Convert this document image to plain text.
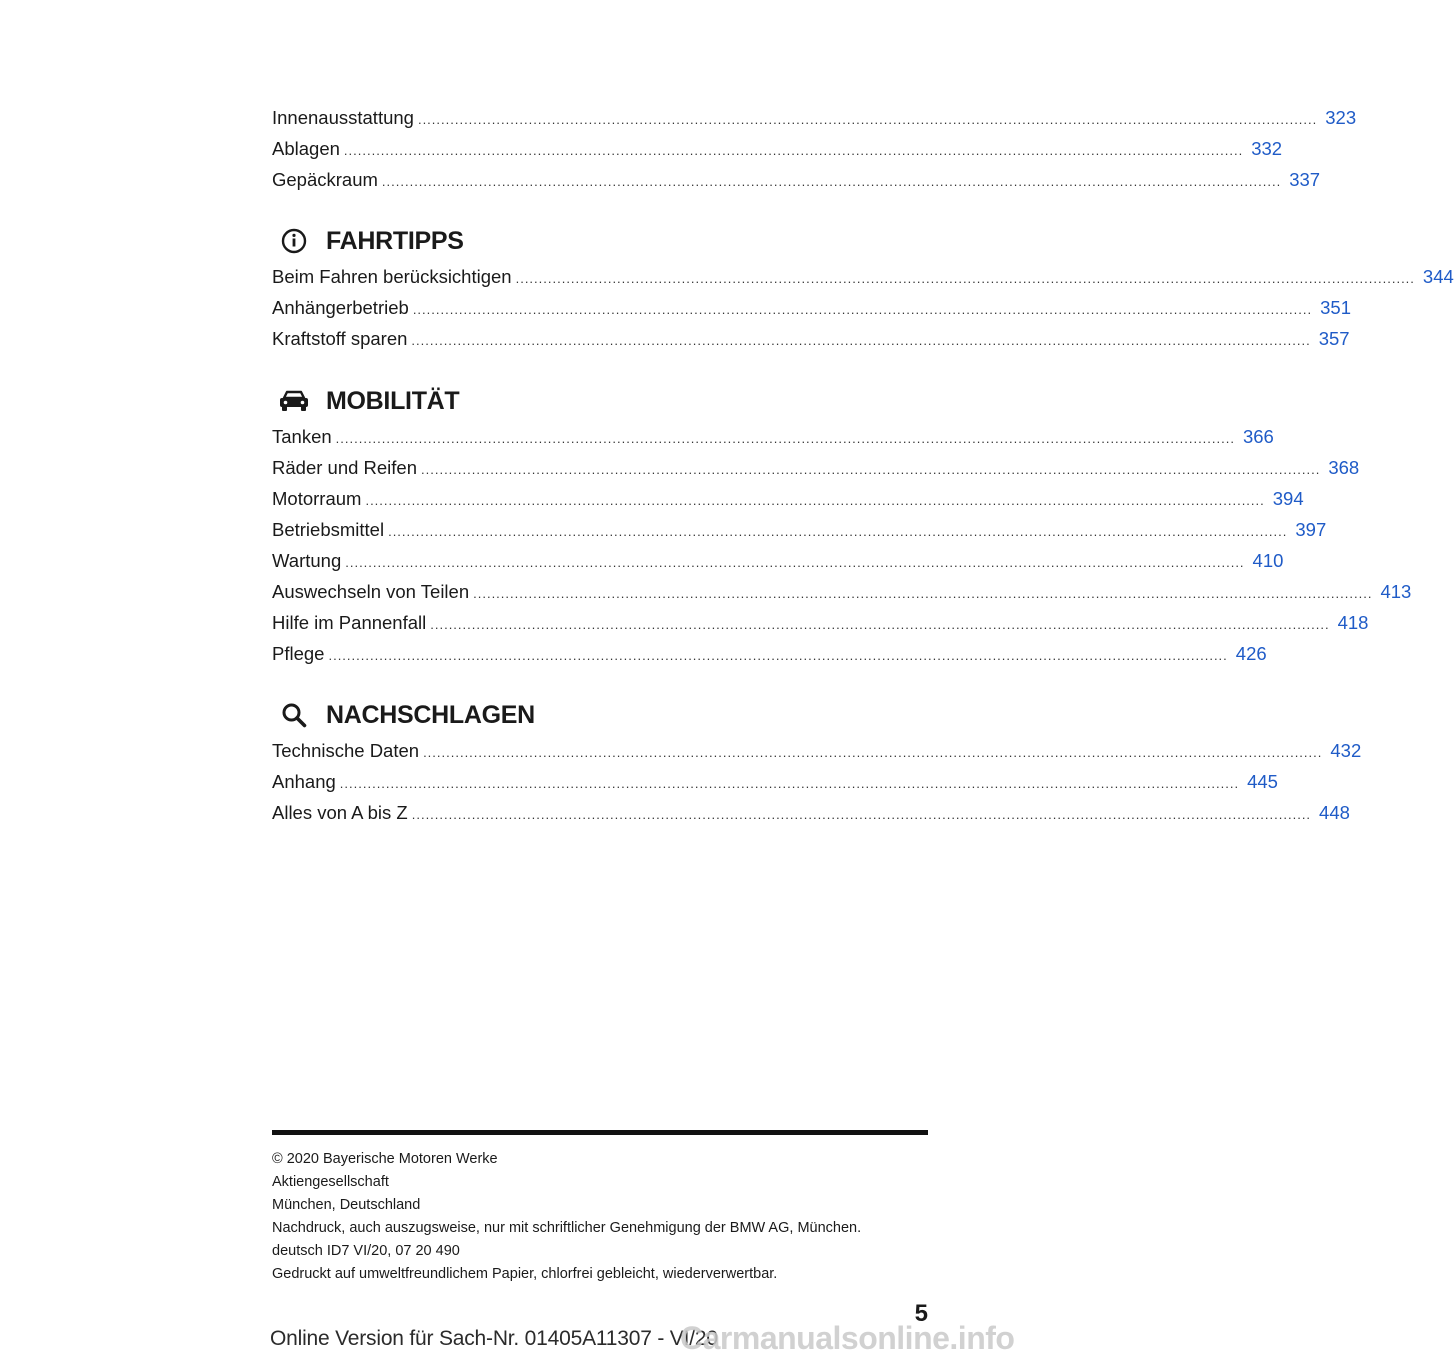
Innenausstattung .....	323
Ablagen .....	332
Gepäckraum .....	337
FAHRTIPPS
Beim Fahren berücksichtigen .....	344
Anhängerbetrieb .....	351
Kraftstoff sparen .....	357
MOBILITÄT
Tanken .....	366
Räder und Reifen .....	368
Motorraum .....	394
Betriebsmittel .....	397
Wartung .....	410
Auswechseln von Teilen .....	413
Hilfe im Pannenfall .....	418
Pflege .....	426
NACHSCHLAGEN
Technische Daten .....	432
Anhang .....	445
Alles von A bis Z .....	448
© 2020 Bayerische Motoren Werke
Aktiengesellschaft
München, Deutschland
Nachdruck, auch auszugsweise, nur mit schriftlicher Genehmigung der BMW AG, München.
deutsch ID7 VI/20, 07 20 490
Gedruckt auf umweltfreundlichem Papier, chlorfrei gebleicht, wiederverwertbar.
5
Online Version für Sach-Nr. 01405A11307 - VI/20
Carmanualsonline.info
